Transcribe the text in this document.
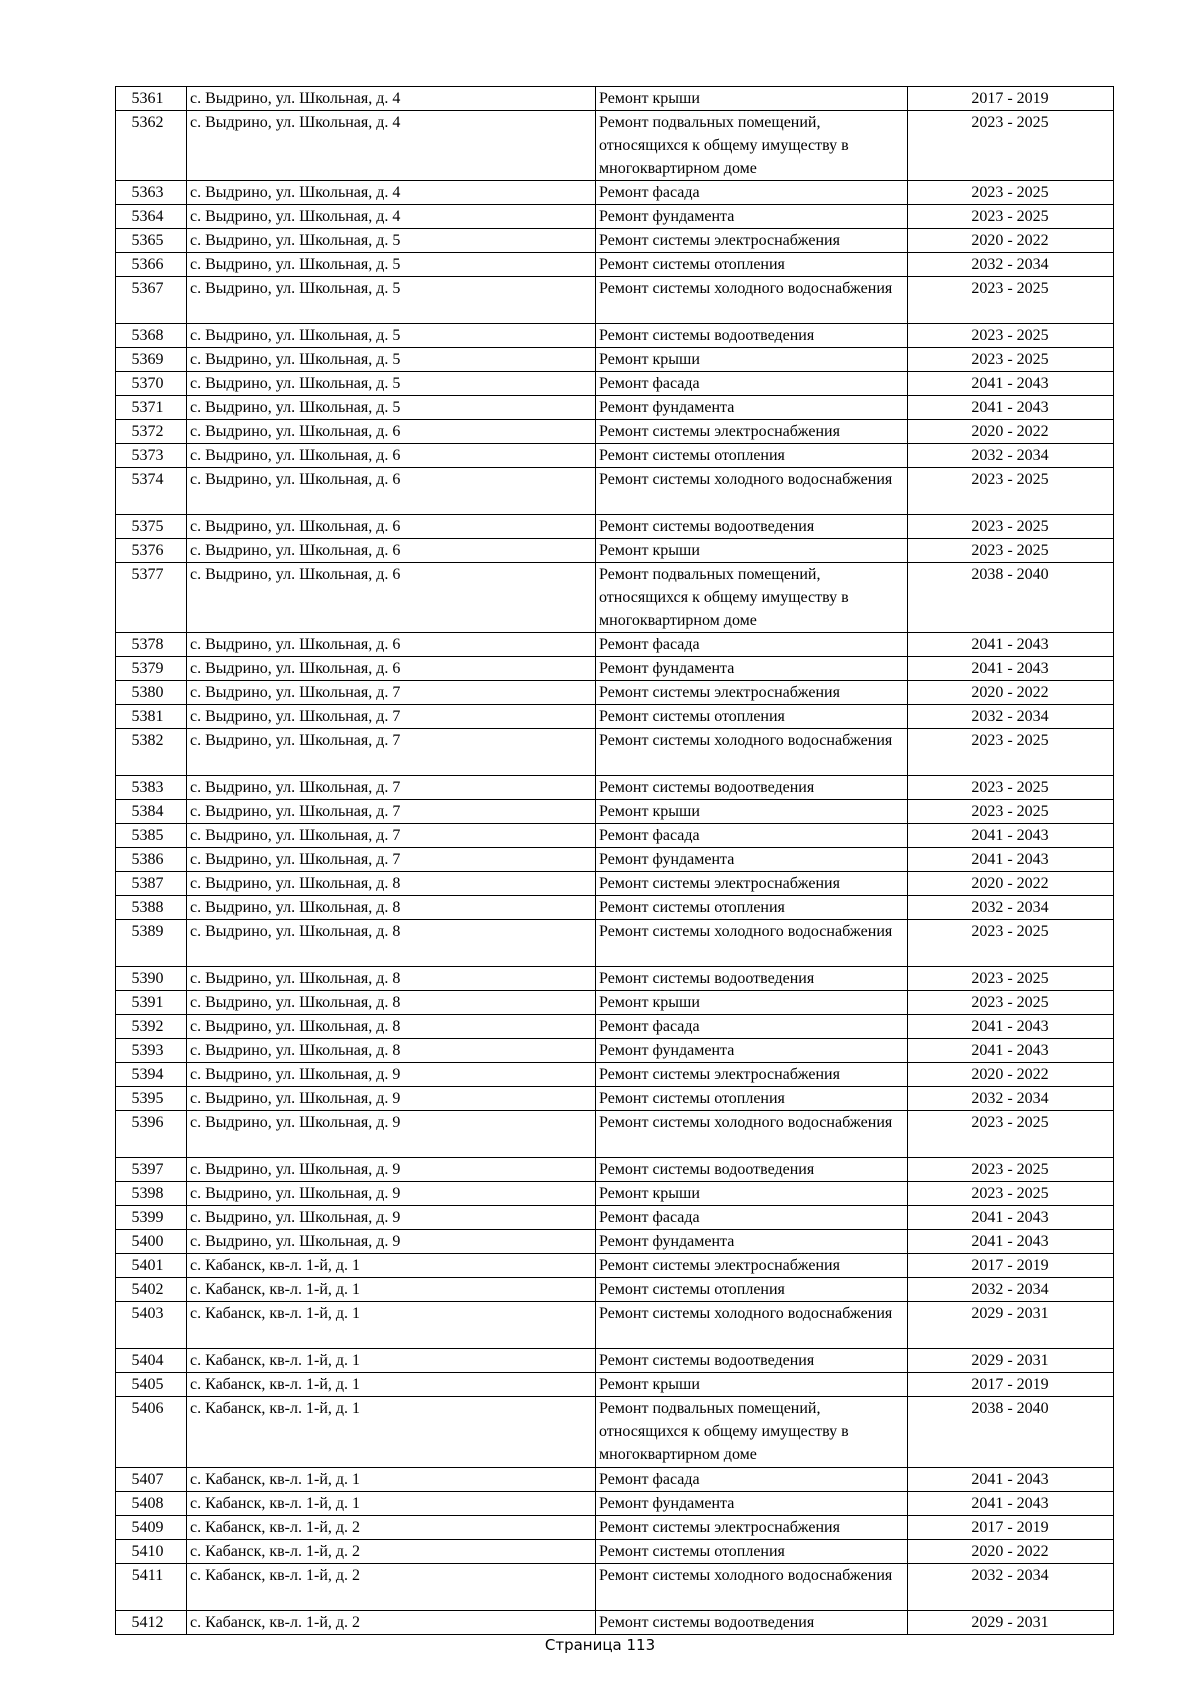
5361	с. Выдрино, ул. Школьная, д. 4	Ремонт крыши	2017 - 2019
5362	с. Выдрино, ул. Школьная, д. 4	Ремонт подвальных помещений,
относящихся к общему имуществу в
многоквартирном доме	2023 - 2025
5363	с. Выдрино, ул. Школьная, д. 4	Ремонт фасада	2023 - 2025
5364	с. Выдрино, ул. Школьная, д. 4	Ремонт фундамента	2023 - 2025
5365	с. Выдрино, ул. Школьная, д. 5	Ремонт системы электроснабжения	2020 - 2022
5366	с. Выдрино, ул. Школьная, д. 5	Ремонт системы отопления	2032 - 2034
5367	с. Выдрино, ул. Школьная, д. 5	Ремонт системы холодного водоснабжения	2023 - 2025
5368	с. Выдрино, ул. Школьная, д. 5	Ремонт системы водоотведения	2023 - 2025
5369	с. Выдрино, ул. Школьная, д. 5	Ремонт крыши	2023 - 2025
5370	с. Выдрино, ул. Школьная, д. 5	Ремонт фасада	2041 - 2043
5371	с. Выдрино, ул. Школьная, д. 5	Ремонт фундамента	2041 - 2043
5372	с. Выдрино, ул. Школьная, д. 6	Ремонт системы электроснабжения	2020 - 2022
5373	с. Выдрино, ул. Школьная, д. 6	Ремонт системы отопления	2032 - 2034
5374	с. Выдрино, ул. Школьная, д. 6	Ремонт системы холодного водоснабжения	2023 - 2025
5375	с. Выдрино, ул. Школьная, д. 6	Ремонт системы водоотведения	2023 - 2025
5376	с. Выдрино, ул. Школьная, д. 6	Ремонт крыши	2023 - 2025
5377	с. Выдрино, ул. Школьная, д. 6	Ремонт подвальных помещений,
относящихся к общему имуществу в
многоквартирном доме	2038 - 2040
5378	с. Выдрино, ул. Школьная, д. 6	Ремонт фасада	2041 - 2043
5379	с. Выдрино, ул. Школьная, д. 6	Ремонт фундамента	2041 - 2043
5380	с. Выдрино, ул. Школьная, д. 7	Ремонт системы электроснабжения	2020 - 2022
5381	с. Выдрино, ул. Школьная, д. 7	Ремонт системы отопления	2032 - 2034
5382	с. Выдрино, ул. Школьная, д. 7	Ремонт системы холодного водоснабжения	2023 - 2025
5383	с. Выдрино, ул. Школьная, д. 7	Ремонт системы водоотведения	2023 - 2025
5384	с. Выдрино, ул. Школьная, д. 7	Ремонт крыши	2023 - 2025
5385	с. Выдрино, ул. Школьная, д. 7	Ремонт фасада	2041 - 2043
5386	с. Выдрино, ул. Школьная, д. 7	Ремонт фундамента	2041 - 2043
5387	с. Выдрино, ул. Школьная, д. 8	Ремонт системы электроснабжения	2020 - 2022
5388	с. Выдрино, ул. Школьная, д. 8	Ремонт системы отопления	2032 - 2034
5389	с. Выдрино, ул. Школьная, д. 8	Ремонт системы холодного водоснабжения	2023 - 2025
5390	с. Выдрино, ул. Школьная, д. 8	Ремонт системы водоотведения	2023 - 2025
5391	с. Выдрино, ул. Школьная, д. 8	Ремонт крыши	2023 - 2025
5392	с. Выдрино, ул. Школьная, д. 8	Ремонт фасада	2041 - 2043
5393	с. Выдрино, ул. Школьная, д. 8	Ремонт фундамента	2041 - 2043
5394	с. Выдрино, ул. Школьная, д. 9	Ремонт системы электроснабжения	2020 - 2022
5395	с. Выдрино, ул. Школьная, д. 9	Ремонт системы отопления	2032 - 2034
5396	с. Выдрино, ул. Школьная, д. 9	Ремонт системы холодного водоснабжения	2023 - 2025
5397	с. Выдрино, ул. Школьная, д. 9	Ремонт системы водоотведения	2023 - 2025
5398	с. Выдрино, ул. Школьная, д. 9	Ремонт крыши	2023 - 2025
5399	с. Выдрино, ул. Школьная, д. 9	Ремонт фасада	2041 - 2043
5400	с. Выдрино, ул. Школьная, д. 9	Ремонт фундамента	2041 - 2043
5401	с. Кабанск, кв-л. 1-й, д. 1	Ремонт системы электроснабжения	2017 - 2019
5402	с. Кабанск, кв-л. 1-й, д. 1	Ремонт системы отопления	2032 - 2034
5403	с. Кабанск, кв-л. 1-й, д. 1	Ремонт системы холодного водоснабжения	2029 - 2031
5404	с. Кабанск, кв-л. 1-й, д. 1	Ремонт системы водоотведения	2029 - 2031
5405	с. Кабанск, кв-л. 1-й, д. 1	Ремонт крыши	2017 - 2019
5406	с. Кабанск, кв-л. 1-й, д. 1	Ремонт подвальных помещений,
относящихся к общему имуществу в
многоквартирном доме	2038 - 2040
5407	с. Кабанск, кв-л. 1-й, д. 1	Ремонт фасада	2041 - 2043
5408	с. Кабанск, кв-л. 1-й, д. 1	Ремонт фундамента	2041 - 2043
5409	с. Кабанск, кв-л. 1-й, д. 2	Ремонт системы электроснабжения	2017 - 2019
5410	с. Кабанск, кв-л. 1-й, д. 2	Ремонт системы отопления	2020 - 2022
5411	с. Кабанск, кв-л. 1-й, д. 2	Ремонт системы холодного водоснабжения	2032 - 2034
5412	с. Кабанск, кв-л. 1-й, д. 2	Ремонт системы водоотведения	2029 - 2031
Страница 113
